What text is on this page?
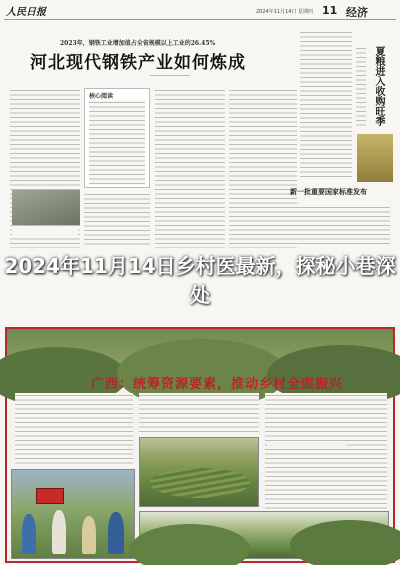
人民日报	2024年11月14日 星期四 11 经济
2023年，钢铁工业增加值占全省规模以上工业的26.45%
河北现代钢铁产业如何炼成
核心阅读	夏粮进入收购旺季
新一批重要国家标准发布
2024年11月14日乡村医最新，探秘小巷深处
广西：统筹资源要素，推动乡村全面振兴
